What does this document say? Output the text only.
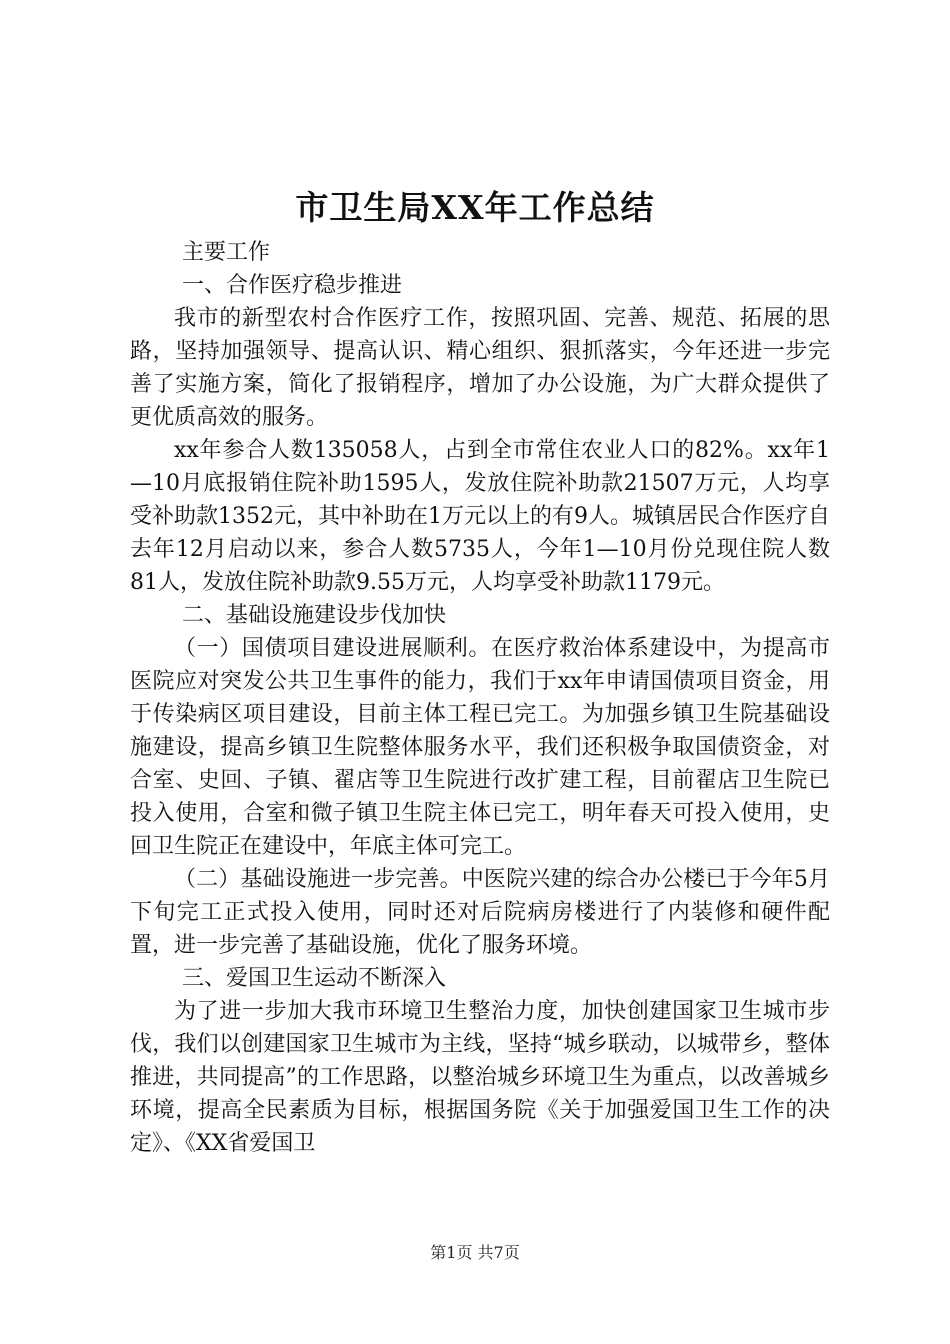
市卫生局XX年工作总结

主要工作

一、合作医疗稳步推进

我市的新型农村合作医疗工作，按照巩固、完善、规范、拓展的思路，坚持加强领导、提高认识、精心组织、狠抓落实，今年还进一步完善了实施方案，简化了报销程序，增加了办公设施，为广大群众提供了更优质高效的服务。

xx年参合人数135058人，占到全市常住农业人口的82%。xx年1—10月底报销住院补助1595人，发放住院补助款21507万元，人均享受补助款1352元，其中补助在1万元以上的有9人。城镇居民合作医疗自去年12月启动以来，参合人数5735人，今年1—10月份兑现住院人数81人，发放住院补助款9.55万元，人均享受补助款1179元。

二、基础设施建设步伐加快

（一）国债项目建设进展顺利。在医疗救治体系建设中，为提高市医院应对突发公共卫生事件的能力，我们于xx年申请国债项目资金，用于传染病区项目建设，目前主体工程已完工。为加强乡镇卫生院基础设施建设，提高乡镇卫生院整体服务水平，我们还积极争取国债资金，对合室、史回、子镇、翟店等卫生院进行改扩建工程，目前翟店卫生院已投入使用，合室和微子镇卫生院主体已完工，明年春天可投入使用，史回卫生院正在建设中，年底主体可完工。

（二）基础设施进一步完善。中医院兴建的综合办公楼已于今年5月下旬完工正式投入使用，同时还对后院病房楼进行了内装修和硬件配置，进一步完善了基础设施，优化了服务环境。

三、爱国卫生运动不断深入

为了进一步加大我市环境卫生整治力度，加快创建国家卫生城市步伐，我们以创建国家卫生城市为主线，坚持“城乡联动，以城带乡，整体推进，共同提高”的工作思路，以整治城乡环境卫生为重点，以改善城乡环境，提高全民素质为目标，根据国务院《关于加强爱国卫生工作的决定》、《XX省爱国卫

第1页 共7页
